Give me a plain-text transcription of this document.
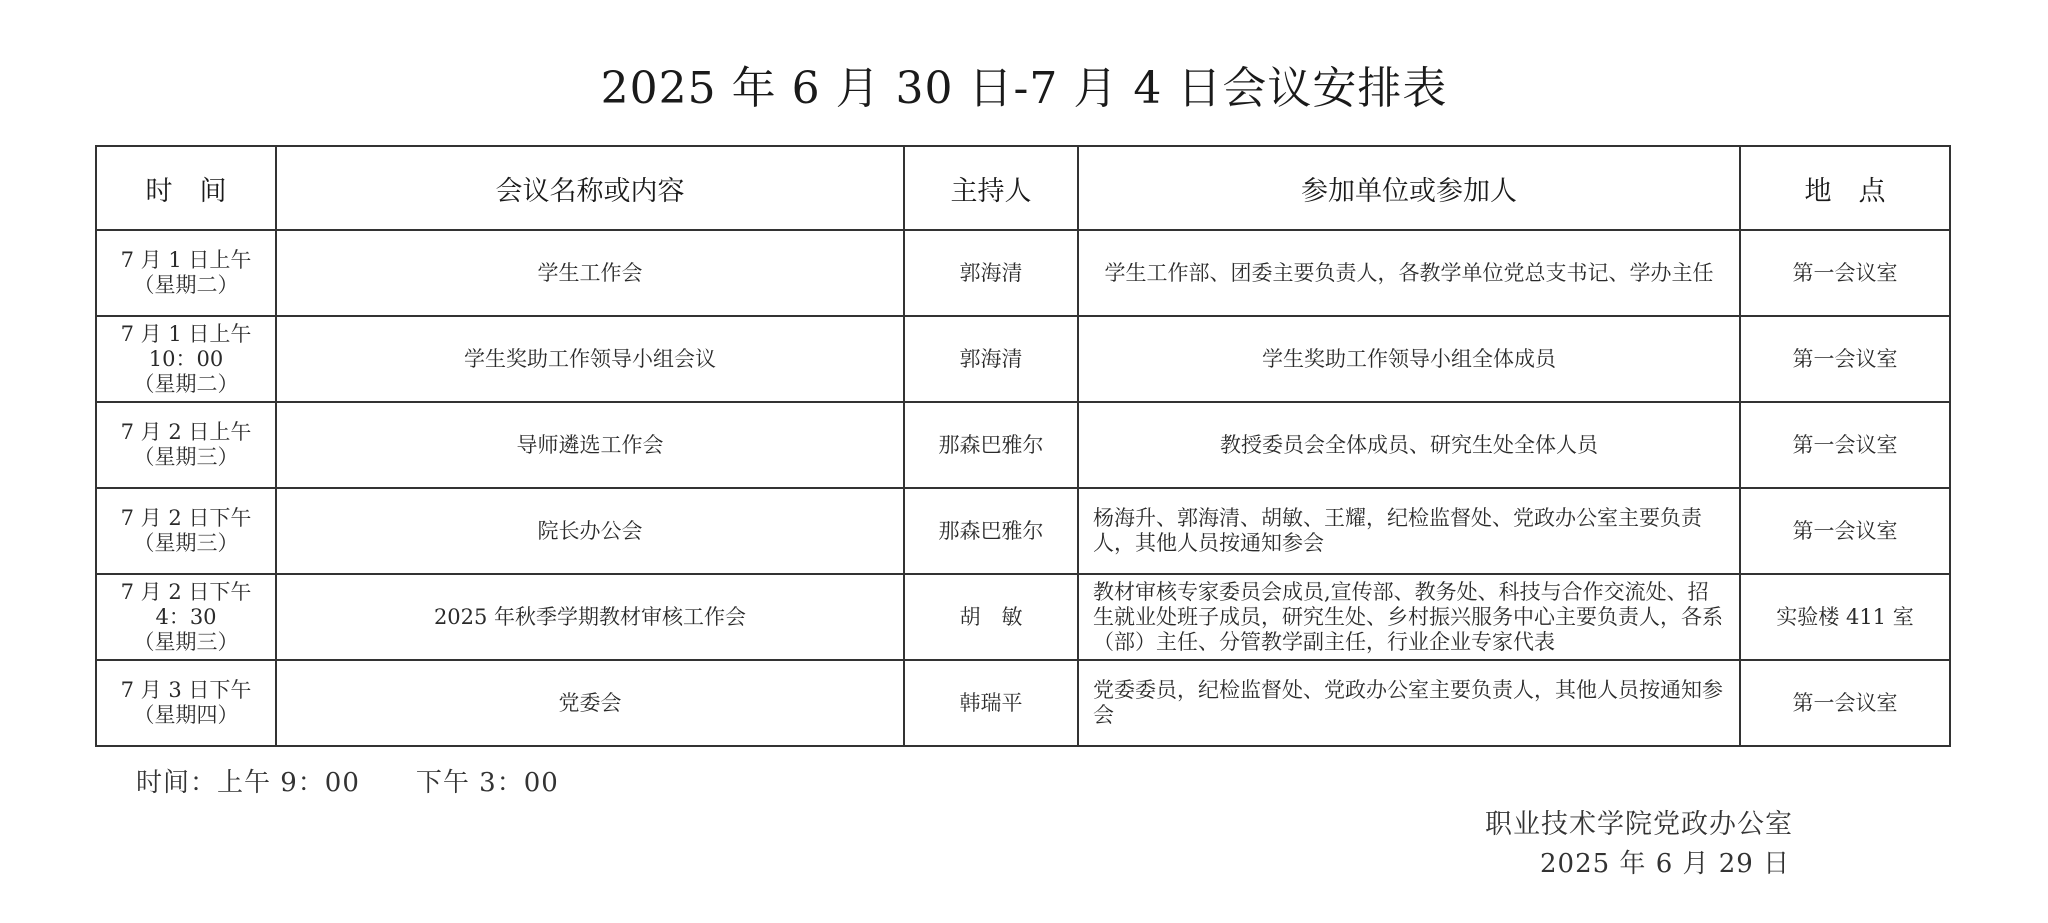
2025 年 6 月 30 日-7 月 4 日会议安排表
时　间	会议名称或内容	主持人	参加单位或参加人	地　点

7 月 1 日上午
（星期二）	学生工作会	郭海清	学生工作部、团委主要负责人，各教学单位党总支书记、学办主任	第一会议室

7 月 1 日上午
10：00
（星期二）	学生奖助工作领导小组会议	郭海清	学生奖助工作领导小组全体成员	第一会议室

7 月 2 日上午
（星期三）	导师遴选工作会	那森巴雅尔	教授委员会全体成员、研究生处全体人员	第一会议室

7 月 2 日下午
（星期三）	院长办公会	那森巴雅尔	杨海升、郭海清、胡敏、王耀，纪检监督处、党政办公室主要负责人，其他人员按通知参会	第一会议室

7 月 2 日下午
4：30
（星期三）	2025 年秋季学期教材审核工作会	胡　敏	教材审核专家委员会成员,宣传部、教务处、科技与合作交流处、招生就业处班子成员，研究生处、乡村振兴服务中心主要负责人，各系（部）主任、分管教学副主任，行业企业专家代表	实验楼 411 室

7 月 3 日下午
（星期四）	党委会	韩瑞平	党委委员，纪检监督处、党政办公室主要负责人，其他人员按通知参会	第一会议室
时间：上午 9：00 下午 3：00
职业技术学院党政办公室
2025 年 6 月 29 日
